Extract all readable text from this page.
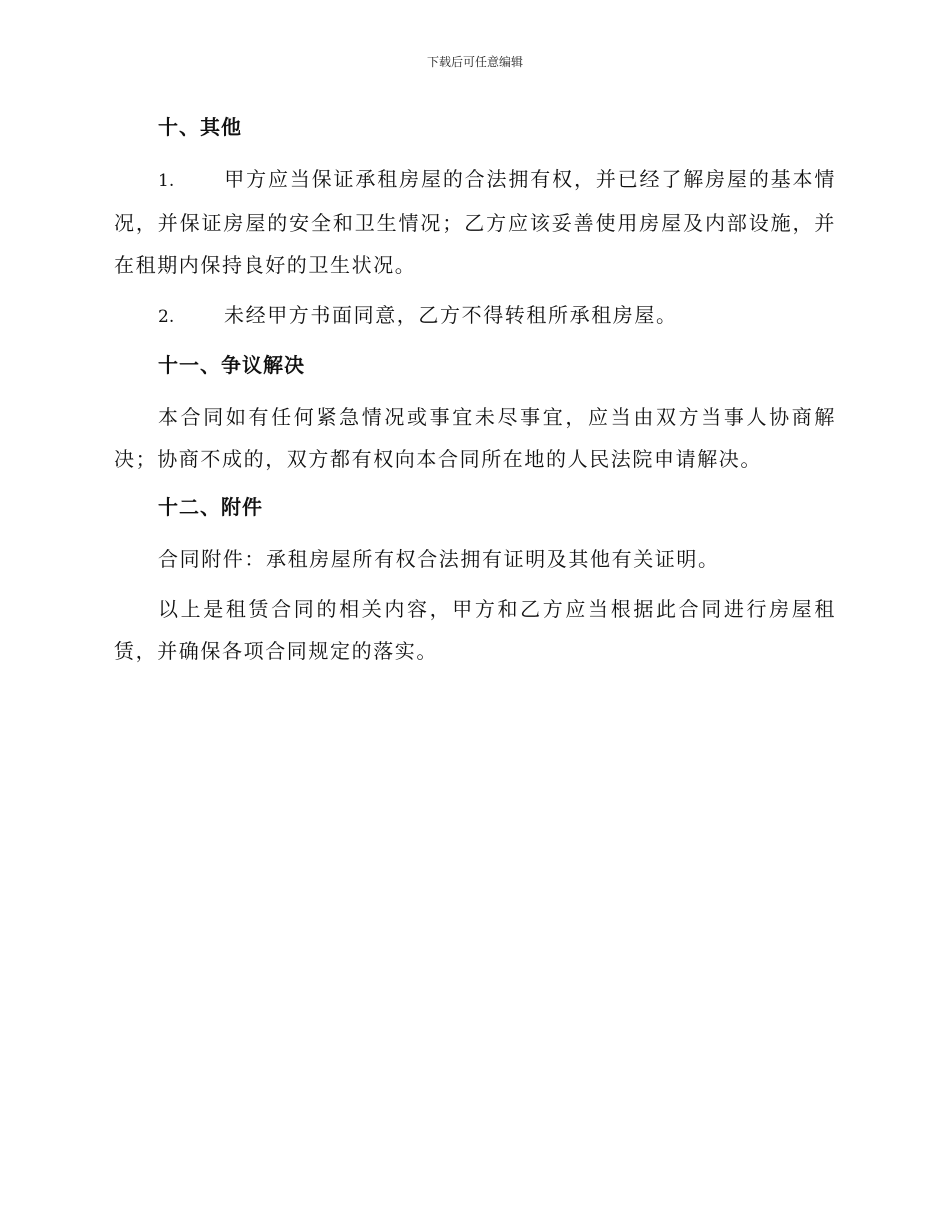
下载后可任意编辑
十、其他
1. 甲方应当保证承租房屋的合法拥有权，并已经了解房屋的基本情况，并保证房屋的安全和卫生情况；乙方应该妥善使用房屋及内部设施，并在租期内保持良好的卫生状况。
2. 未经甲方书面同意，乙方不得转租所承租房屋。
十一、争议解决
本合同如有任何紧急情况或事宜未尽事宜，应当由双方当事人协商解决；协商不成的，双方都有权向本合同所在地的人民法院申请解决。
十二、附件
合同附件：承租房屋所有权合法拥有证明及其他有关证明。
以上是租赁合同的相关内容，甲方和乙方应当根据此合同进行房屋租赁，并确保各项合同规定的落实。
